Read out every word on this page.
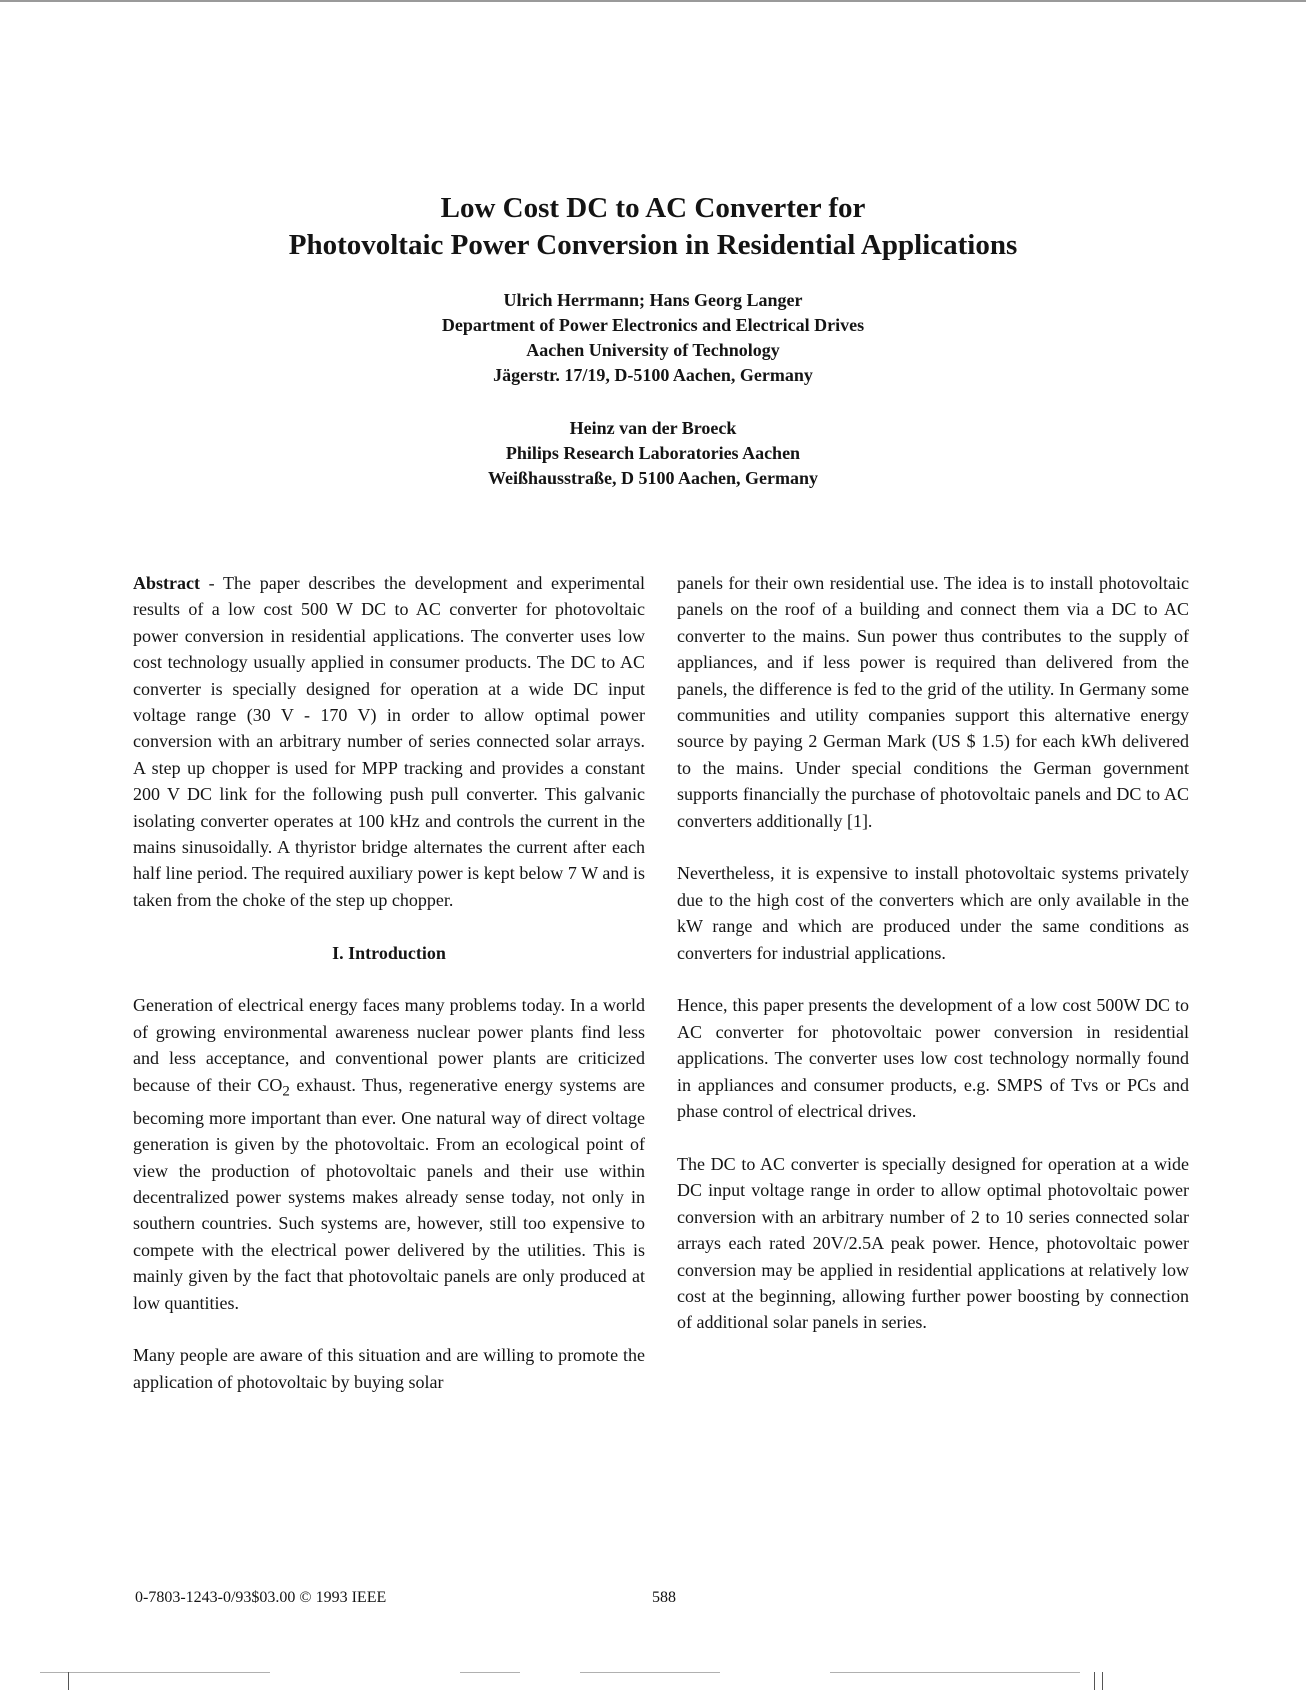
Low Cost DC to AC Converter for
Photovoltaic Power Conversion in Residential Applications
Ulrich Herrmann; Hans Georg Langer
Department of Power Electronics and Electrical Drives
Aachen University of Technology
Jägerstr. 17/19, D-5100 Aachen, Germany
Heinz van der Broeck
Philips Research Laboratories Aachen
Weißhausstraße, D 5100 Aachen, Germany

Abstract - The paper describes the development and experimental results of a low cost 500 W DC to AC converter for photovoltaic power conversion in residential applications. The converter uses low cost technology usually applied in consumer products. The DC to AC converter is specially designed for operation at a wide DC input voltage range (30 V - 170 V) in order to allow optimal power conversion with an arbitrary number of series connected solar arrays. A step up chopper is used for MPP tracking and provides a constant 200 V DC link for the following push pull converter. This galvanic isolating converter operates at 100 kHz and controls the current in the mains sinusoidally. A thyristor bridge alternates the current after each half line period. The required auxiliary power is kept below 7 W and is taken from the choke of the step up chopper.

I. Introduction

Generation of electrical energy faces many problems today. In a world of growing environmental awareness nuclear power plants find less and less acceptance, and conventional power plants are criticized because of their $CO_2$ exhaust. Thus, regenerative energy systems are becoming more important than ever. One natural way of direct voltage generation is given by the photovoltaic. From an ecological point of view the production of photovoltaic panels and their use within decentralized power systems makes already sense today, not only in southern countries. Such systems are, however, still too expensive to compete with the electrical power delivered by the utilities. This is mainly given by the fact that photovoltaic panels are only produced at low quantities.

Many people are aware of this situation and are willing to promote the application of photovoltaic by buying solar

panels for their own residential use. The idea is to install photovoltaic panels on the roof of a building and connect them via a DC to AC converter to the mains. Sun power thus contributes to the supply of appliances, and if less power is required than delivered from the panels, the difference is fed to the grid of the utility. In Germany some communities and utility companies support this alternative energy source by paying 2 German Mark (US $ 1.5) for each kWh delivered to the mains. Under special conditions the German government supports financially the purchase of photovoltaic panels and DC to AC converters additionally [1].

Nevertheless, it is expensive to install photovoltaic systems privately due to the high cost of the converters which are only available in the kW range and which are produced under the same conditions as converters for industrial applications.

Hence, this paper presents the development of a low cost 500W DC to AC converter for photovoltaic power conversion in residential applications. The converter uses low cost technology normally found in appliances and consumer products, e.g. SMPS of Tvs or PCs and phase control of electrical drives.

The DC to AC converter is specially designed for operation at a wide DC input voltage range in order to allow optimal photovoltaic power conversion with an arbitrary number of 2 to 10 series connected solar arrays each rated 20V/2.5A peak power. Hence, photovoltaic power conversion may be applied in residential applications at relatively low cost at the beginning, allowing further power boosting by connection of additional solar panels in series.

0-7803-1243-0/93$03.00 © 1993 IEEE	588
